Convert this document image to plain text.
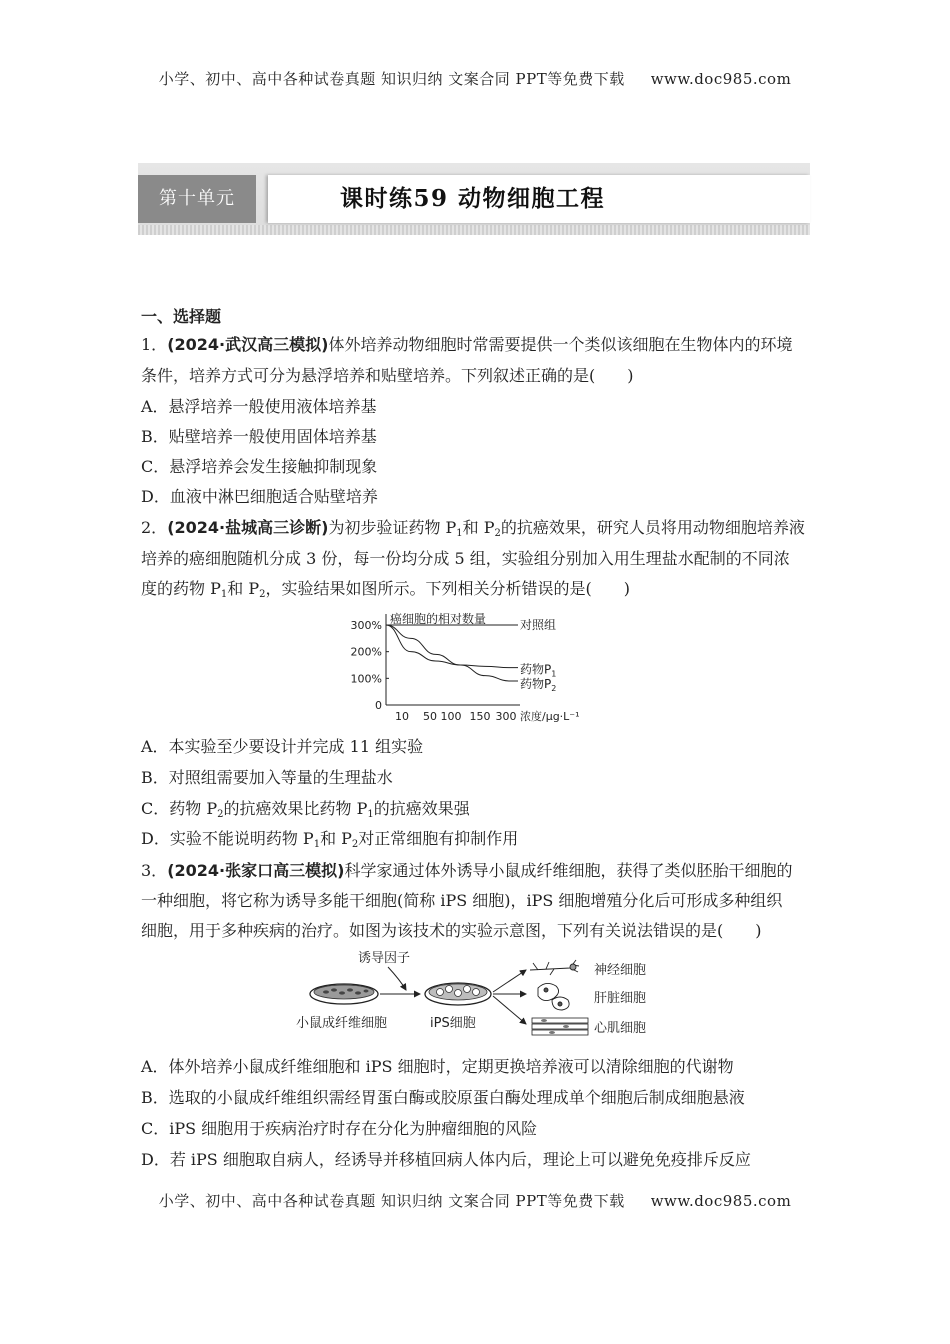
小学、初中、高中各种试卷真题 知识归纳 文案合同 PPT等免费下载 www.doc985.com
第十单元	课时练59 动物细胞工程
一、选择题
1．(2024·武汉高三模拟)体外培养动物细胞时常需要提供一个类似该细胞在生物体内的环境
条件，培养方式可分为悬浮培养和贴壁培养。下列叙述正确的是(　　)
A．悬浮培养一般使用液体培养基
B．贴壁培养一般使用固体培养基
C．悬浮培养会发生接触抑制现象
D．血液中淋巴细胞适合贴壁培养
2．(2024·盐城高三诊断)为初步验证药物 $P_1$和 $P_2$的抗癌效果，研究人员将用动物细胞培养液
培养的癌细胞随机分成 3 份，每一份均分成 5 组，实验组分别加入用生理盐水配制的不同浓
度的药物 $P_1$和 $P_2$，实验结果如图所示。下列相关分析错误的是(　　)
癌细胞的相对数量
浓度/μg·L⁻¹
0
100%
200%
300%
10 50 100 150 300
对照组
药物$P_1$
药物$P_2$
A．本实验至少要设计并完成 11 组实验
B．对照组需要加入等量的生理盐水
C．药物 $P_2$的抗癌效果比药物 $P_1$的抗癌效果强
D．实验不能说明药物 $P_1$和 $P_2$对正常细胞有抑制作用
3．(2024·张家口高三模拟)科学家通过体外诱导小鼠成纤维细胞，获得了类似胚胎干细胞的
一种细胞，将它称为诱导多能干细胞(简称 iPS 细胞)，iPS 细胞增殖分化后可形成多种组织
细胞，用于多种疾病的治疗。如图为该技术的实验示意图，下列有关说法错误的是(　　)
诱导因子
小鼠成纤维细胞	iPS细胞
神经细胞
肝脏细胞
心肌细胞
A．体外培养小鼠成纤维细胞和 iPS 细胞时，定期更换培养液可以清除细胞的代谢物
B．选取的小鼠成纤维组织需经胃蛋白酶或胶原蛋白酶处理成单个细胞后制成细胞悬液
C．iPS 细胞用于疾病治疗时存在分化为肿瘤细胞的风险
D．若 iPS 细胞取自病人，经诱导并移植回病人体内后，理论上可以避免免疫排斥反应
小学、初中、高中各种试卷真题 知识归纳 文案合同 PPT等免费下载 www.doc985.com
